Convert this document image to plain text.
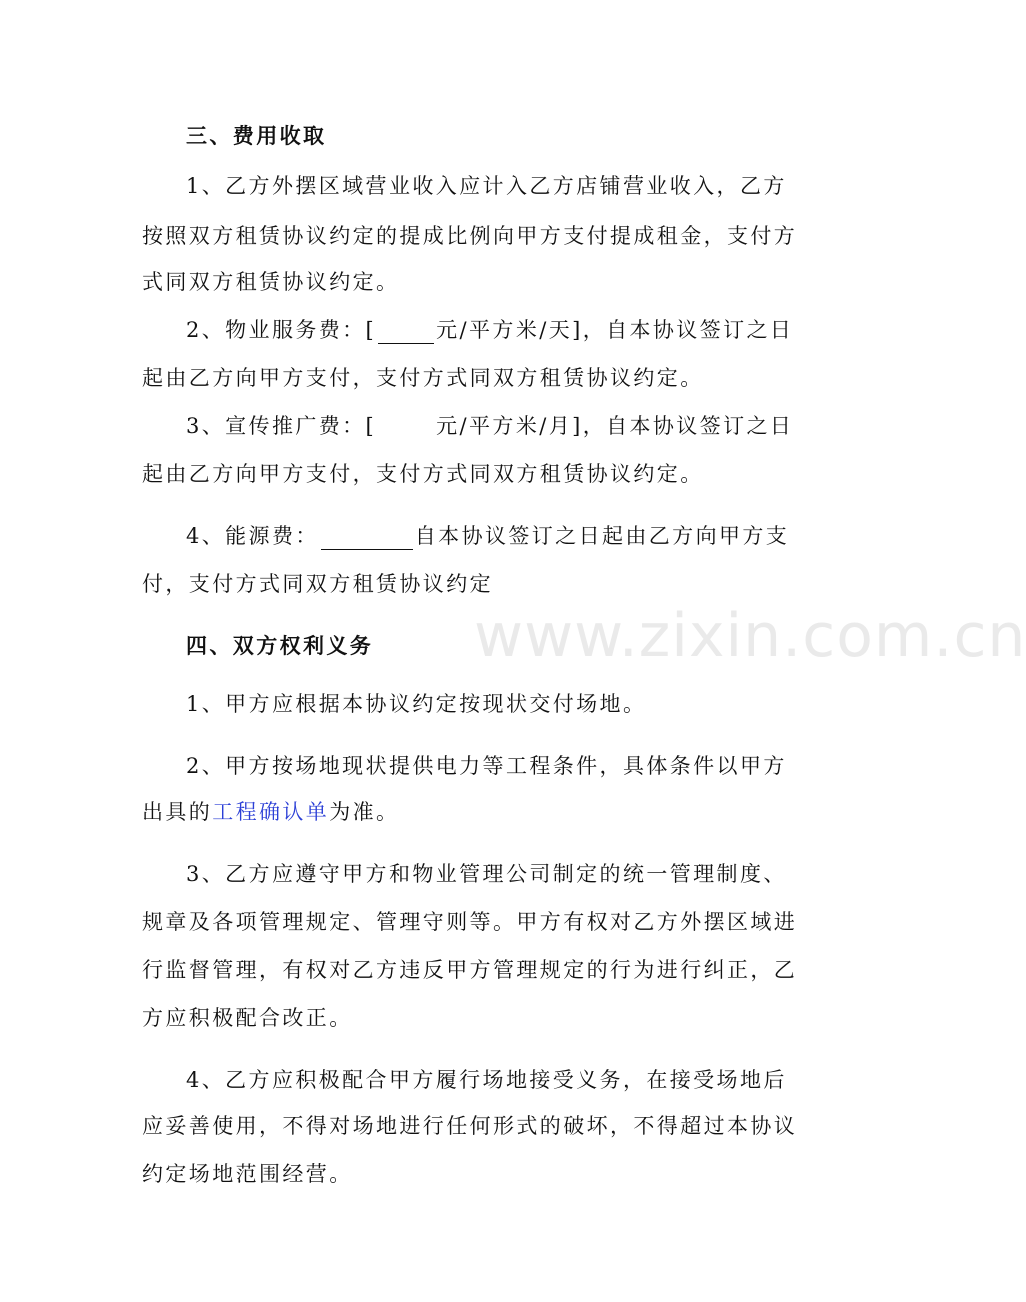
www.zixin.com.cn
三、费用收取
1、乙方外摆区域营业收入应计入乙方店铺营业收入，乙方
按照双方租赁协议约定的提成比例向甲方支付提成租金，支付方
式同双方租赁协议约定。
2、物业服务费：[	元/平方米/天]，自本协议签订之日
起由乙方向甲方支付，支付方式同双方租赁协议约定。
3、宣传推广费：[	元/平方米/月]，自本协议签订之日
起由乙方向甲方支付，支付方式同双方租赁协议约定。
4、能源费：	自本协议签订之日起由乙方向甲方支
付，支付方式同双方租赁协议约定
四、双方权利义务
1、甲方应根据本协议约定按现状交付场地。
2、甲方按场地现状提供电力等工程条件，具体条件以甲方
出具的工程确认单为准。
3、乙方应遵守甲方和物业管理公司制定的统一管理制度、
规章及各项管理规定、管理守则等。甲方有权对乙方外摆区域进
行监督管理，有权对乙方违反甲方管理规定的行为进行纠正，乙
方应积极配合改正。
4、乙方应积极配合甲方履行场地接受义务，在接受场地后
应妥善使用，不得对场地进行任何形式的破坏，不得超过本协议
约定场地范围经营。
